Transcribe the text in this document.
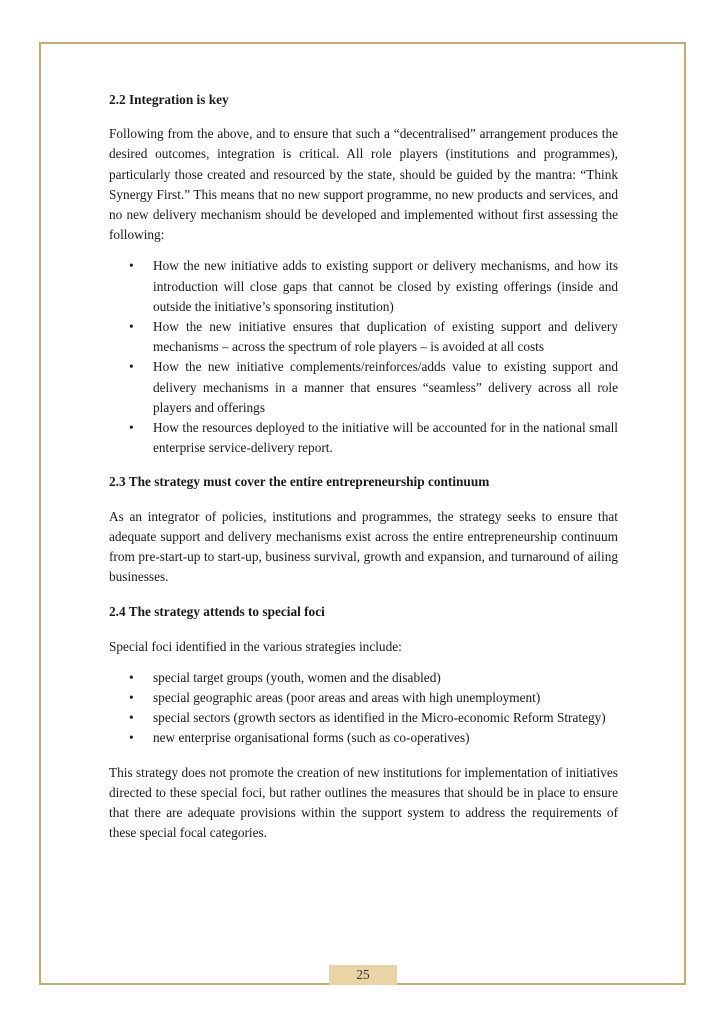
2.2 Integration is key

Following from the above, and to ensure that such a “decentralised” arrangement produces the desired outcomes, integration is critical. All role players (institutions and programmes), particularly those created and resourced by the state, should be guided by the mantra: “Think Synergy First.” This means that no new support programme, no new products and services, and no new delivery mechanism should be developed and implemented without first assessing the following:

•	How the new initiative adds to existing support or delivery mechanisms, and how its introduction will close gaps that cannot be closed by existing offerings (inside and outside the initiative’s sponsoring institution)
•	How the new initiative ensures that duplication of existing support and delivery mechanisms – across the spectrum of role players – is avoided at all costs
•	How the new initiative complements/reinforces/adds value to existing support and delivery mechanisms in a manner that ensures “seamless” delivery across all role players and offerings
•	How the resources deployed to the initiative will be accounted for in the national small enterprise service-delivery report.
2.3 The strategy must cover the entire entrepreneurship continuum

As an integrator of policies, institutions and programmes, the strategy seeks to ensure that adequate support and delivery mechanisms exist across the entire entrepreneurship continuum from pre-start-up to start-up, business survival, growth and expansion, and turnaround of ailing businesses.

2.4 The strategy attends to special foci

Special foci identified in the various strategies include:

•	special target groups (youth, women and the disabled)
•	special geographic areas (poor areas and areas with high unemployment)
•	special sectors (growth sectors as identified in the Micro-economic Reform Strategy)
•	new enterprise organisational forms (such as co-operatives)

This strategy does not promote the creation of new institutions for implementation of initiatives directed to these special foci, but rather outlines the measures that should be in place to ensure that there are adequate provisions within the support system to address the requirements of these special focal categories.

25
